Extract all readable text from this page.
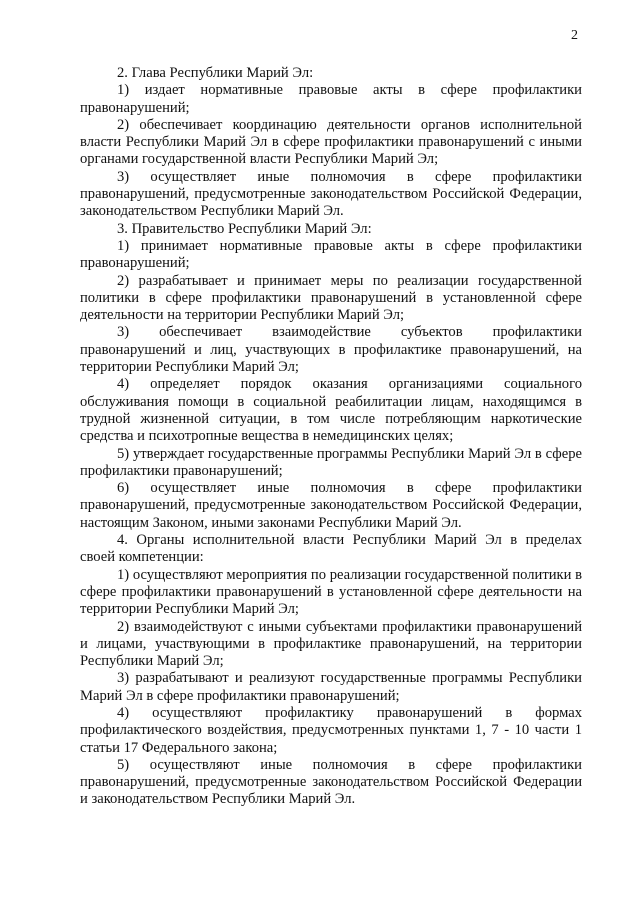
2

2. Глава Республики Марий Эл:

1) издает нормативные правовые акты в сфере профилактики правонарушений;

2) обеспечивает координацию деятельности органов исполнительной власти Республики Марий Эл в сфере профилактики правонарушений с иными органами государственной власти Республики Марий Эл;

3) осуществляет иные полномочия в сфере профилактики правонарушений, предусмотренные законодательством Российской Федерации, законодательством Республики Марий Эл.

3. Правительство Республики Марий Эл:

1) принимает нормативные правовые акты в сфере профилактики правонарушений;

2) разрабатывает и принимает меры по реализации государственной политики в сфере профилактики правонарушений в установленной сфере деятельности на территории Республики Марий Эл;

3) обеспечивает взаимодействие субъектов профилактики правонарушений и лиц, участвующих в профилактике правонарушений, на территории Республики Марий Эл;

4) определяет порядок оказания организациями социального обслуживания помощи в социальной реабилитации лицам, находящимся в трудной жизненной ситуации, в том числе потребляющим наркотические средства и психотропные вещества в немедицинских целях;

5) утверждает государственные программы Республики Марий Эл в сфере профилактики правонарушений;

6) осуществляет иные полномочия в сфере профилактики правонарушений, предусмотренные законодательством Российской Федерации, настоящим Законом, иными законами Республики Марий Эл.

4. Органы исполнительной власти Республики Марий Эл в пределах своей компетенции:

1) осуществляют мероприятия по реализации государственной политики в сфере профилактики правонарушений в установленной сфере деятельности на территории Республики Марий Эл;

2) взаимодействуют с иными субъектами профилактики правонарушений и лицами, участвующими в профилактике правонарушений, на территории Республики Марий Эл;

3) разрабатывают и реализуют государственные программы Республики Марий Эл в сфере профилактики правонарушений;

4) осуществляют профилактику правонарушений в формах профилактического воздействия, предусмотренных пунктами 1, 7 - 10 части 1 статьи 17 Федерального закона;

5) осуществляют иные полномочия в сфере профилактики правонарушений, предусмотренные законодательством Российской Федерации и законодательством Республики Марий Эл.
